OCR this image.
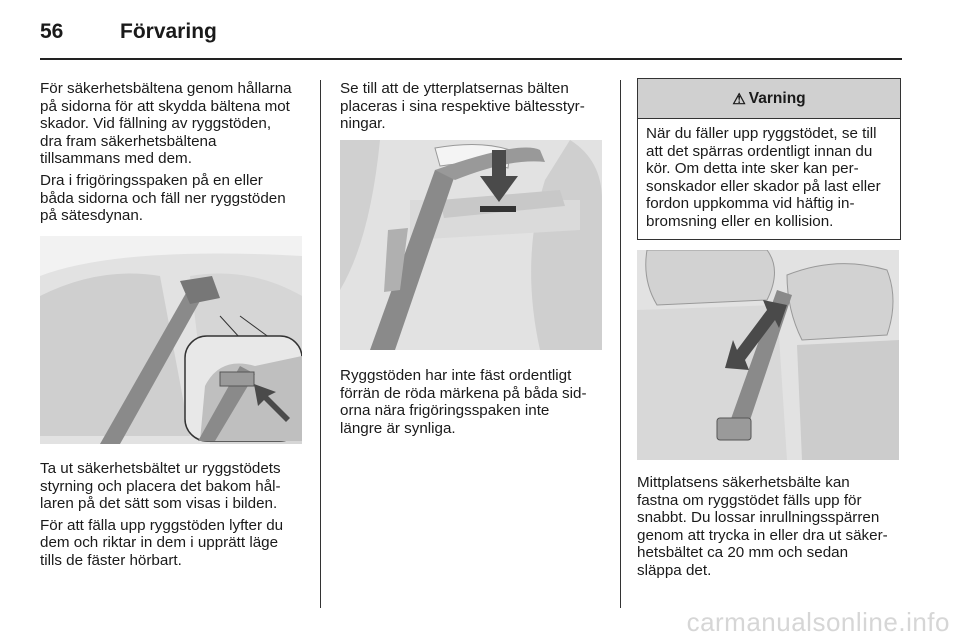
56	Förvaring

För säkerhetsbältena genom hållarna
på sidorna för att skydda bältena mot
skador. Vid fällning av ryggstöden,
dra fram säkerhetsbältena
tillsammans med dem.

Dra i frigöringsspaken på en eller
båda sidorna och fäll ner ryggstöden
på sätesdynan.

Ta ut säkerhetsbältet ur ryggstödets
styrning och placera det bakom hål-
laren på det sätt som visas i bilden.

För att fälla upp ryggstöden lyfter du
dem och riktar in dem i upprätt läge
tills de fäster hörbart.

Se till att de ytterplatsernas bälten
placeras i sina respektive bältesstyr-
ningar.

Ryggstöden har inte fäst ordentligt
förrän de röda märkena på båda sid-
orna nära frigöringsspaken inte
längre är synliga.

⚠ Varning
När du fäller upp ryggstödet, se till
att det spärras ordentligt innan du
kör. Om detta inte sker kan per-
sonskador eller skador på last eller
fordon uppkomma vid häftig in-
bromsning eller en kollision.

Mittplatsens säkerhetsbälte kan
fastna om ryggstödet fälls upp för
snabbt. Du lossar inrullningsspärren
genom att trycka in eller dra ut säker-
hetsbältet ca 20 mm och sedan
släppa det.

carmanualsonline.info
